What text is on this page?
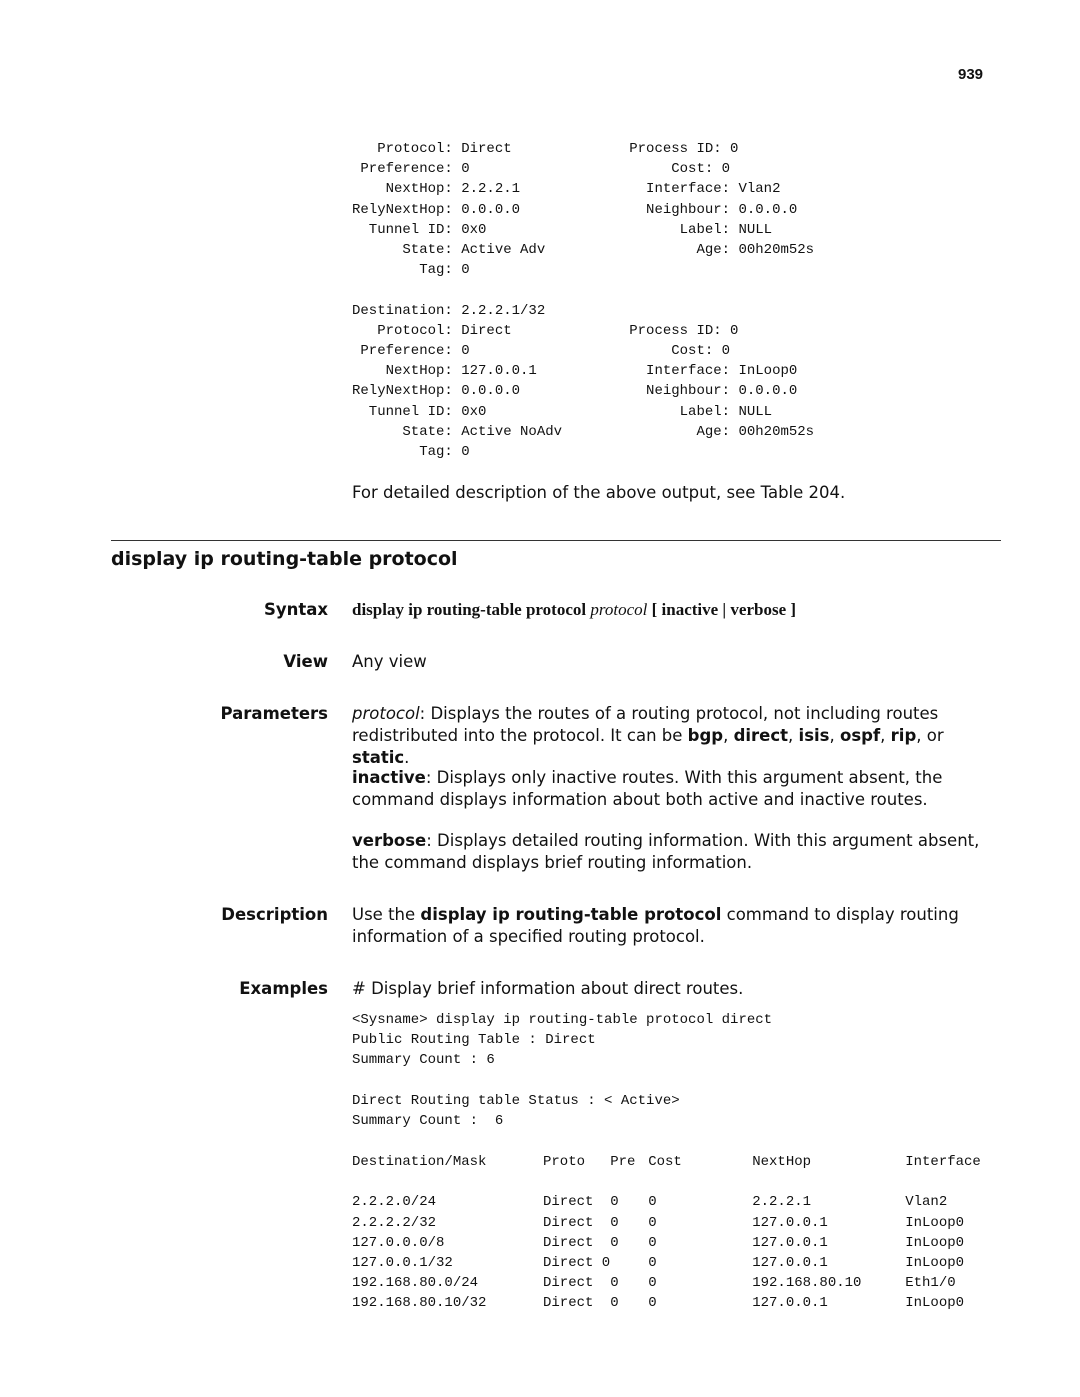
939
Protocol: Direct              Process ID: 0
Preference: 0                        Cost: 0
NextHop: 2.2.2.1               Interface: Vlan2
RelyNextHop: 0.0.0.0               Neighbour: 0.0.0.0
Tunnel ID: 0x0                       Label: NULL
State: Active Adv                  Age: 00h20m52s
Tag: 0

Destination: 2.2.2.1/32
Protocol: Direct              Process ID: 0
Preference: 0                        Cost: 0
NextHop: 127.0.0.1             Interface: InLoop0
RelyNextHop: 0.0.0.0               Neighbour: 0.0.0.0
Tunnel ID: 0x0                       Label: NULL
State: Active NoAdv                Age: 00h20m52s
Tag: 0
For detailed description of the above output, see Table 204.
display ip routing-table protocol
Syntax display ip routing-table protocol protocol [ inactive | verbose ]
View Any view
Parameters protocol: Displays the routes of a routing protocol, not including routes redistributed into the protocol. It can be bgp, direct, isis, ospf, rip, or static.
inactive: Displays only inactive routes. With this argument absent, the command displays information about both active and inactive routes.
verbose: Displays detailed routing information. With this argument absent, the command displays brief routing information.
Description Use the display ip routing-table protocol command to display routing information of a specified routing protocol.
Examples # Display brief information about direct routes.
<Sysname> display ip routing-table protocol direct
Public Routing Table : Direct
Summary Count : 6

Direct Routing table Status : < Active>
Summary Count :  6
Destination/Mask	Proto	Pre	Cost	NextHop	Interface

2.2.2.0/24	Direct	0	0	2.2.2.1	Vlan2
2.2.2.2/32	Direct	0	0	127.0.0.1	InLoop0
127.0.0.0/8	Direct	0	0	127.0.0.1	InLoop0
127.0.0.1/32	Direct 0		0	127.0.0.1	InLoop0
192.168.80.0/24	Direct	0	0	192.168.80.10	Eth1/0
192.168.80.10/32	Direct	0	0	127.0.0.1	InLoop0
